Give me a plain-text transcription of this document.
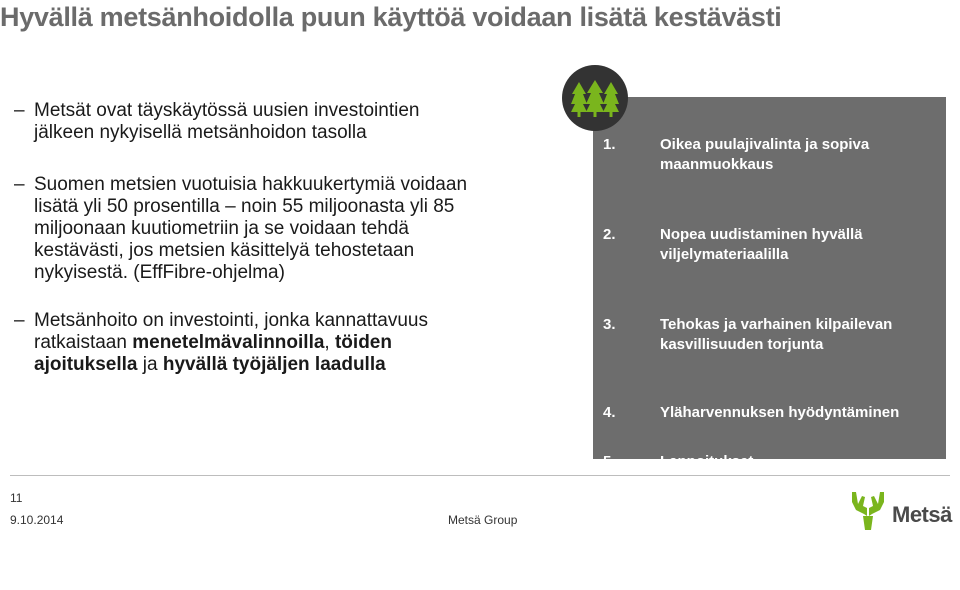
Hyvällä metsänhoidolla puun käyttöä voidaan lisätä kestävästi
– Metsät ovat täyskäytössä uusien investointien
jälkeen nykyisellä metsänhoidon tasolla
– Suomen metsien vuotuisia hakkuukertymiä voidaan
lisätä yli 50 prosentilla – noin 55 miljoonasta yli 85
miljoonaan kuutiometriin ja se voidaan tehdä
kestävästi, jos metsien käsittelyä tehostetaan
nykyisestä. (EffFibre-ohjelma)
– Metsänhoito on investointi, jonka kannattavuus
ratkaistaan menetelmävalinnoilla, töiden
ajoituksella ja hyvällä työjäljen laadulla
1.	Oikea puulajivalinta ja sopiva
maanmuokkaus
2.	Nopea uudistaminen hyvällä
viljelymateriaalilla
3.	Tehokas ja varhainen kilpailevan
kasvillisuuden torjunta
4.	Yläharvennuksen hyödyntäminen
5.	Lannoitukset
6.	Riittävän suuri kuviokoko
7.	Säännöllinen ja suunnitelmallinen
metsän hoito ja käyttö
11
9.10.2014	Metsä Group	Metsä
